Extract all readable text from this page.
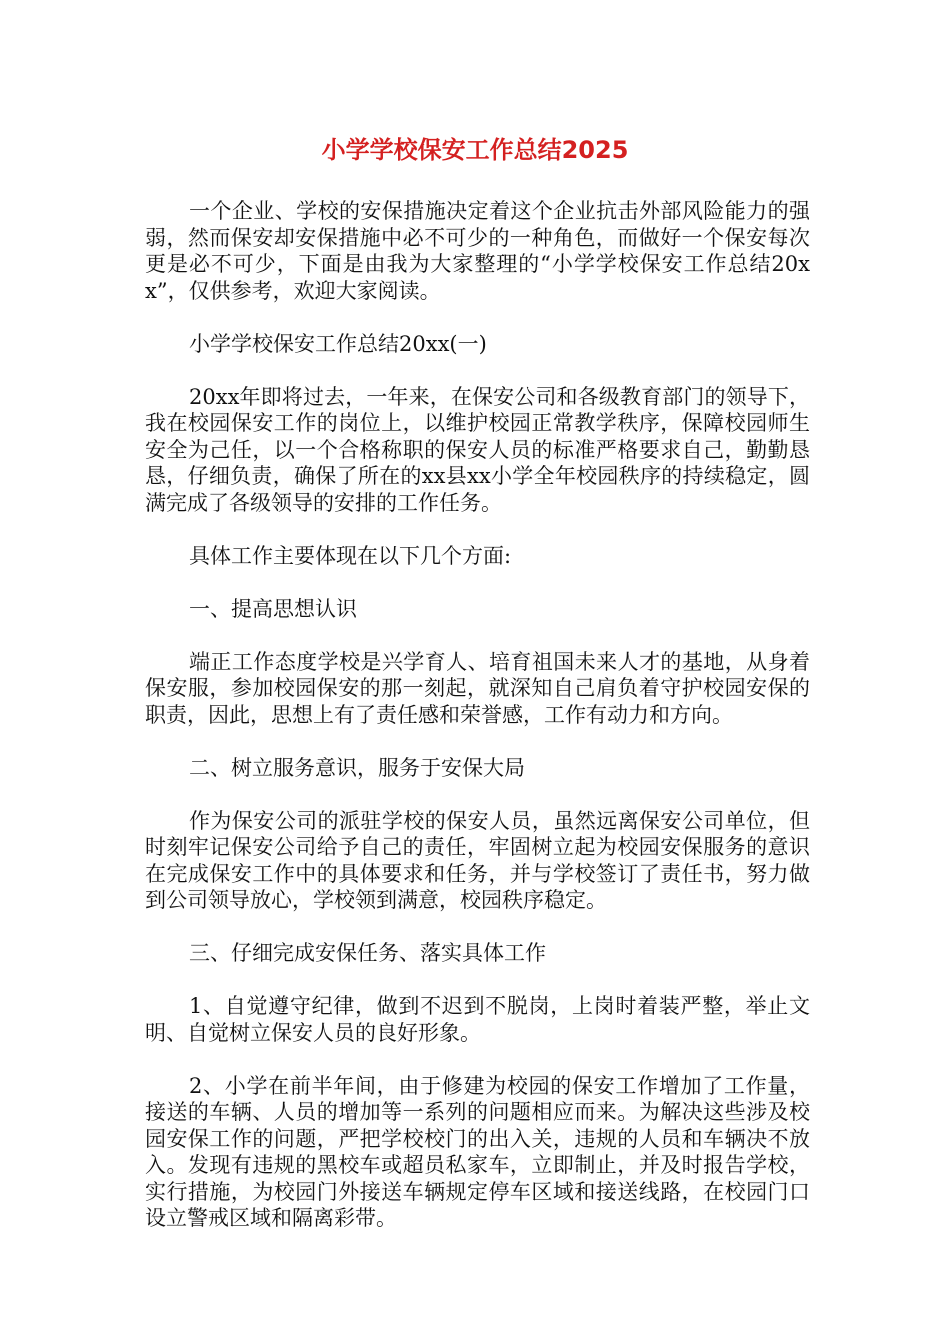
小学学校保安工作总结2025

一个企业、学校的安保措施决定着这个企业抗击外部风险能力的强弱，然而保安却安保措施中必不可少的一种角色，而做好一个保安每次更是必不可少，下面是由我为大家整理的“小学学校保安工作总结20xx”，仅供参考，欢迎大家阅读。

小学学校保安工作总结20xx(一)

20xx年即将过去，一年来，在保安公司和各级教育部门的领导下，我在校园保安工作的岗位上，以维护校园正常教学秩序，保障校园师生安全为己任，以一个合格称职的保安人员的标准严格要求自己，勤勤恳恳，仔细负责，确保了所在的xx县xx小学全年校园秩序的持续稳定，圆满完成了各级领导的安排的工作任务。

具体工作主要体现在以下几个方面:

一、提高思想认识

端正工作态度学校是兴学育人、培育祖国未来人才的基地，从身着保安服，参加校园保安的那一刻起，就深知自己肩负着守护校园安保的职责，因此，思想上有了责任感和荣誉感，工作有动力和方向。

二、树立服务意识，服务于安保大局

作为保安公司的派驻学校的保安人员，虽然远离保安公司单位，但时刻牢记保安公司给予自己的责任，牢固树立起为校园安保服务的意识在完成保安工作中的具体要求和任务，并与学校签订了责任书，努力做到公司领导放心，学校领到满意，校园秩序稳定。

三、仔细完成安保任务、落实具体工作

1、自觉遵守纪律，做到不迟到不脱岗，上岗时着装严整，举止文明、自觉树立保安人员的良好形象。

2、小学在前半年间，由于修建为校园的保安工作增加了工作量，接送的车辆、人员的增加等一系列的问题相应而来。为解决这些涉及校园安保工作的问题，严把学校校门的出入关，违规的人员和车辆决不放入。发现有违规的黑校车或超员私家车，立即制止，并及时报告学校，实行措施，为校园门外接送车辆规定停车区域和接送线路，在校园门口设立警戒区域和隔离彩带。
